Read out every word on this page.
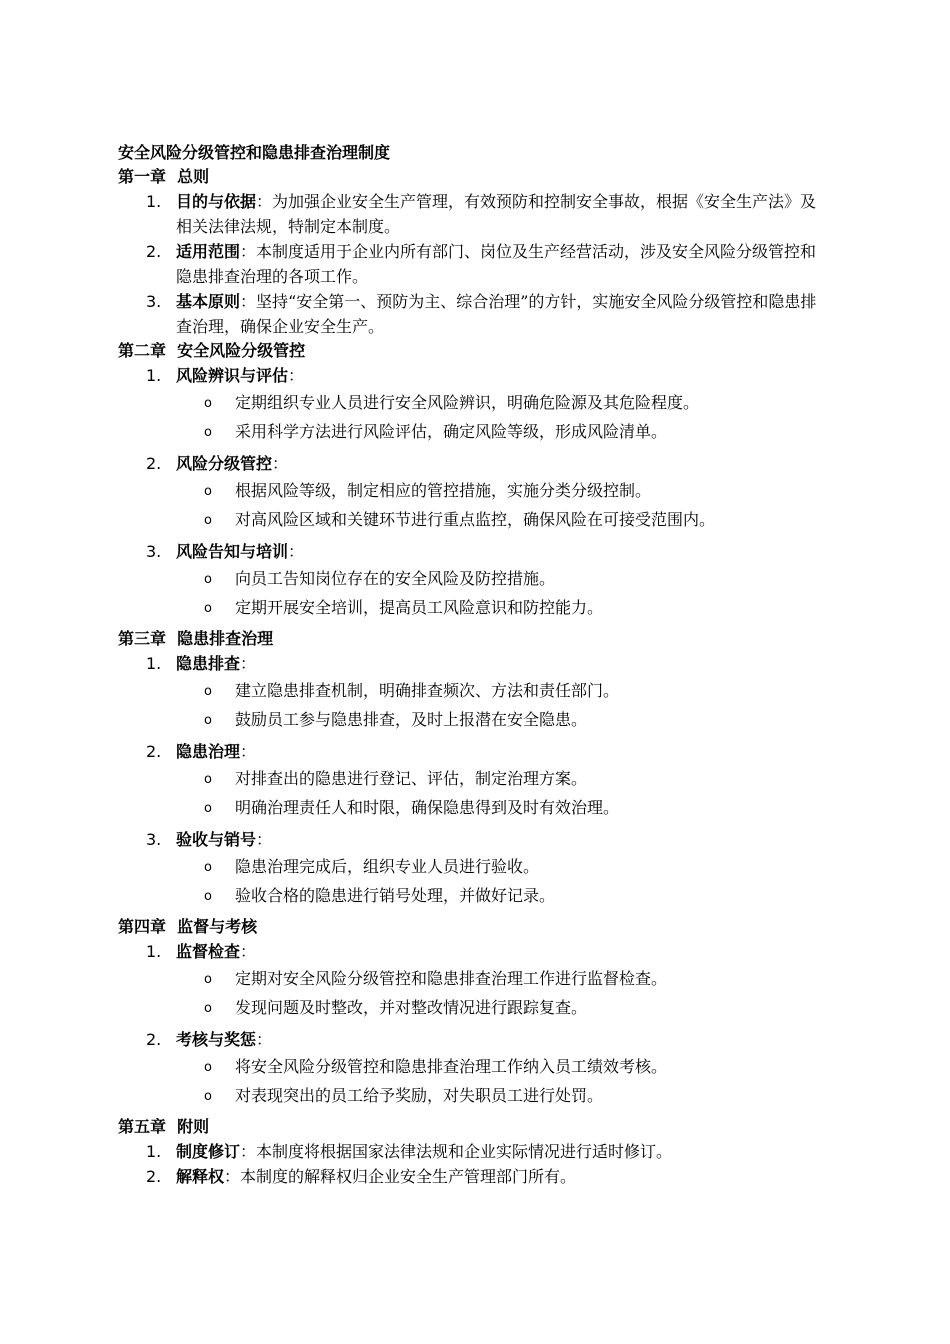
安全风险分级管控和隐患排查治理制度
第一章  总则
1. 目的与依据：为加强企业安全生产管理，有效预防和控制安全事故，根据《安全生产法》及相关法律法规，特制定本制度。
2. 适用范围：本制度适用于企业内所有部门、岗位及生产经营活动，涉及安全风险分级管控和隐患排查治理的各项工作。
3. 基本原则：坚持“安全第一、预防为主、综合治理”的方针，实施安全风险分级管控和隐患排查治理，确保企业安全生产。
第二章  安全风险分级管控
1. 风险辨识与评估：
o 定期组织专业人员进行安全风险辨识，明确危险源及其危险程度。
o 采用科学方法进行风险评估，确定风险等级，形成风险清单。
2. 风险分级管控：
o 根据风险等级，制定相应的管控措施，实施分类分级控制。
o 对高风险区域和关键环节进行重点监控，确保风险在可接受范围内。
3. 风险告知与培训：
o 向员工告知岗位存在的安全风险及防控措施。
o 定期开展安全培训，提高员工风险意识和防控能力。
第三章  隐患排查治理
1. 隐患排查：
o 建立隐患排查机制，明确排查频次、方法和责任部门。
o 鼓励员工参与隐患排查，及时上报潜在安全隐患。
2. 隐患治理：
o 对排查出的隐患进行登记、评估，制定治理方案。
o 明确治理责任人和时限，确保隐患得到及时有效治理。
3. 验收与销号：
o 隐患治理完成后，组织专业人员进行验收。
o 验收合格的隐患进行销号处理，并做好记录。
第四章  监督与考核
1. 监督检查：
o 定期对安全风险分级管控和隐患排查治理工作进行监督检查。
o 发现问题及时整改，并对整改情况进行跟踪复查。
2. 考核与奖惩：
o 将安全风险分级管控和隐患排查治理工作纳入员工绩效考核。
o 对表现突出的员工给予奖励，对失职员工进行处罚。
第五章  附则
1. 制度修订：本制度将根据国家法律法规和企业实际情况进行适时修订。
2. 解释权：本制度的解释权归企业安全生产管理部门所有。
